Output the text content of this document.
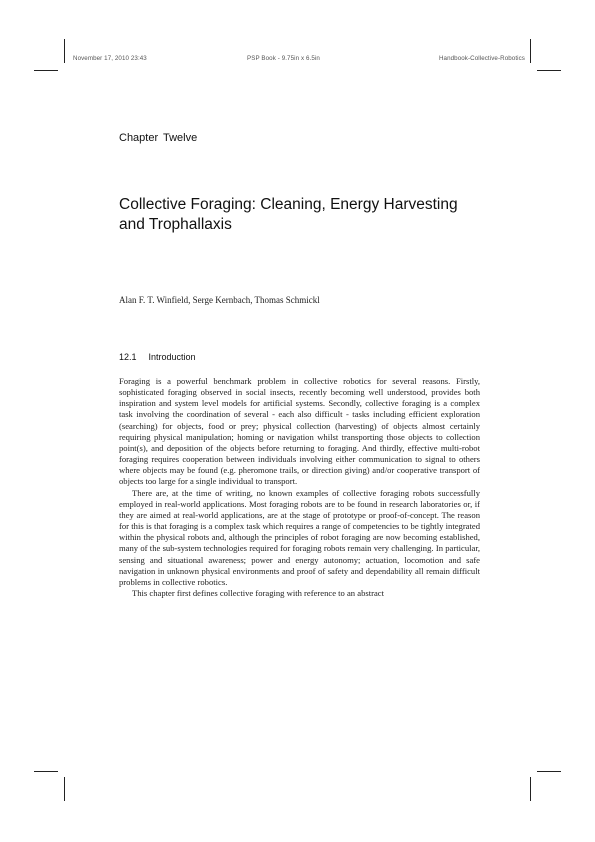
November 17, 2010 23:43	PSP Book - 9.75in x 6.5in	Handbook-Collective-Robotics
Chapter Twelve
Collective Foraging: Cleaning, Energy Harvesting and Trophallaxis
Alan F. T. Winfield, Serge Kernbach, Thomas Schmickl
12.1 Introduction

Foraging is a powerful benchmark problem in collective robotics for several reasons. Firstly, sophisticated foraging observed in social insects, recently becoming well understood, provides both inspiration and system level models for artificial systems. Secondly, collective foraging is a complex task involving the coordination of several - each also difficult - tasks including efficient exploration (searching) for objects, food or prey; physical collection (harvesting) of objects almost certainly requiring physical manipulation; homing or navigation whilst transporting those objects to collection point(s), and deposition of the objects before returning to foraging. And thirdly, effective multi-robot foraging requires cooperation between individuals involving either communication to signal to others where objects may be found (e.g. pheromone trails, or direction giving) and/or cooperative transport of objects too large for a single individual to transport.

There are, at the time of writing, no known examples of collective foraging robots successfully employed in real-world applications. Most foraging robots are to be found in research laboratories or, if they are aimed at real-world applications, are at the stage of prototype or proof-of-concept. The reason for this is that foraging is a complex task which requires a range of competencies to be tightly integrated within the physical robots and, although the principles of robot foraging are now becoming established, many of the sub-system technologies required for foraging robots remain very challenging. In particular, sensing and situational awareness; power and energy autonomy; actuation, locomotion and safe navigation in unknown physical environments and proof of safety and dependability all remain difficult problems in collective robotics.

This chapter first defines collective foraging with reference to an abstract
